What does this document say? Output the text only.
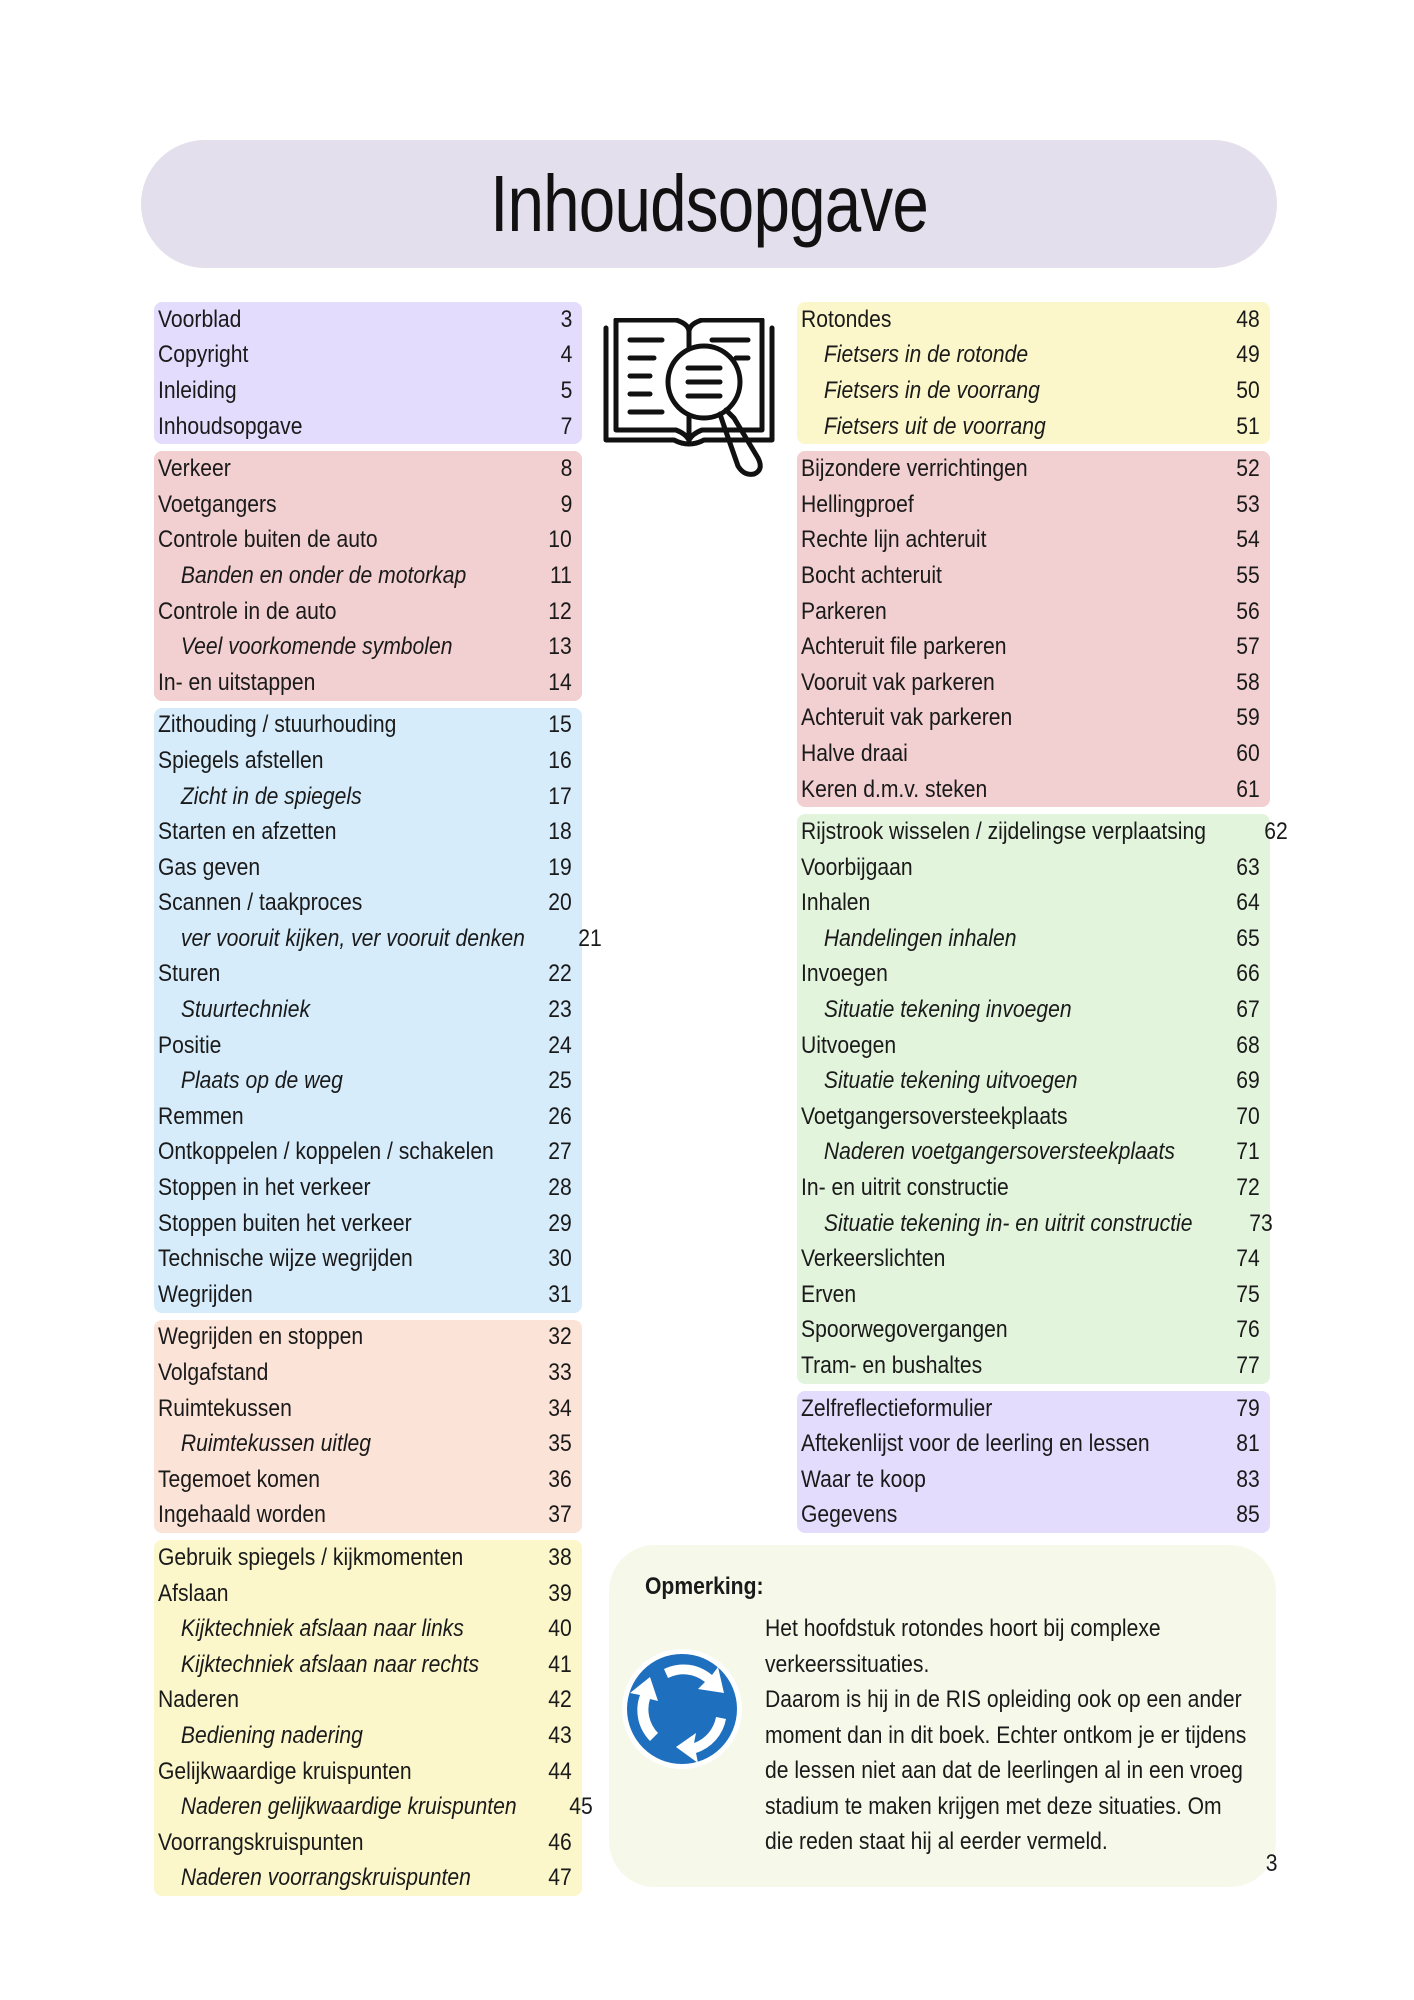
Inhoudsopgave
Voorblad	3
Copyright	4
Inleiding	5
Inhoudsopgave	7
Verkeer	8
Voetgangers	9
Controle buiten de auto	10
Banden en onder de motorkap	11
Controle in de auto	12
Veel voorkomende symbolen	13
In- en uitstappen	14
Zithouding / stuurhouding	15
Spiegels afstellen	16
Zicht in de spiegels	17
Starten en afzetten	18
Gas geven	19
Scannen / taakproces	20
ver vooruit kijken, ver vooruit denken 21
Sturen	22
Stuurtechniek	23
Positie	24
Plaats op de weg	25
Remmen	26
Ontkoppelen / koppelen / schakelen 27
Stoppen in het verkeer	28
Stoppen buiten het verkeer	29
Technische wijze wegrijden	30
Wegrijden	31
Wegrijden en stoppen	32
Volgafstand	33
Ruimtekussen	34
Ruimtekussen uitleg	35
Tegemoet komen	36
Ingehaald worden	37
Gebruik spiegels / kijkmomenten	38
Afslaan	39
Kijktechniek afslaan naar links	40
Kijktechniek afslaan naar rechts	41
Naderen	42
Bediening nadering	43
Gelijkwaardige kruispunten	44
Naderen gelijkwaardige kruispunten 45
Voorrangskruispunten	46
Naderen voorrangskruispunten	47
Rotondes	48
Fietsers in de rotonde	49
Fietsers in de voorrang	50
Fietsers uit de voorrang	51
Bijzondere verrichtingen	52
Hellingproef	53
Rechte lijn achteruit	54
Bocht achteruit	55
Parkeren	56
Achteruit file parkeren	57
Vooruit vak parkeren	58
Achteruit vak parkeren	59
Halve draai	60
Keren d.m.v. steken	61
Rijstrook wisselen / zijdelingse verplaatsing 62
Voorbijgaan	63
Inhalen	64
Handelingen inhalen	65
Invoegen	66
Situatie tekening invoegen	67
Uitvoegen	68
Situatie tekening uitvoegen	69
Voetgangersoversteekplaats	70
Naderen voetgangersoversteekplaats	71
In- en uitrit constructie	72
Situatie tekening in- en uitrit constructie 73
Verkeerslichten	74
Erven	75
Spoorwegovergangen	76
Tram- en bushaltes	77
Zelfreflectieformulier	79
Aftekenlijst voor de leerling en lessen	81
Waar te koop	83
Gegevens	85
Opmerking:
Het hoofdstuk rotondes hoort bij complexe
verkeerssituaties.
Daarom is hij in de RIS opleiding ook op een ander
moment dan in dit boek. Echter ontkom je er tijdens
de lessen niet aan dat de leerlingen al in een vroeg
stadium te maken krijgen met deze situaties. Om
die reden staat hij al eerder vermeld.
3
